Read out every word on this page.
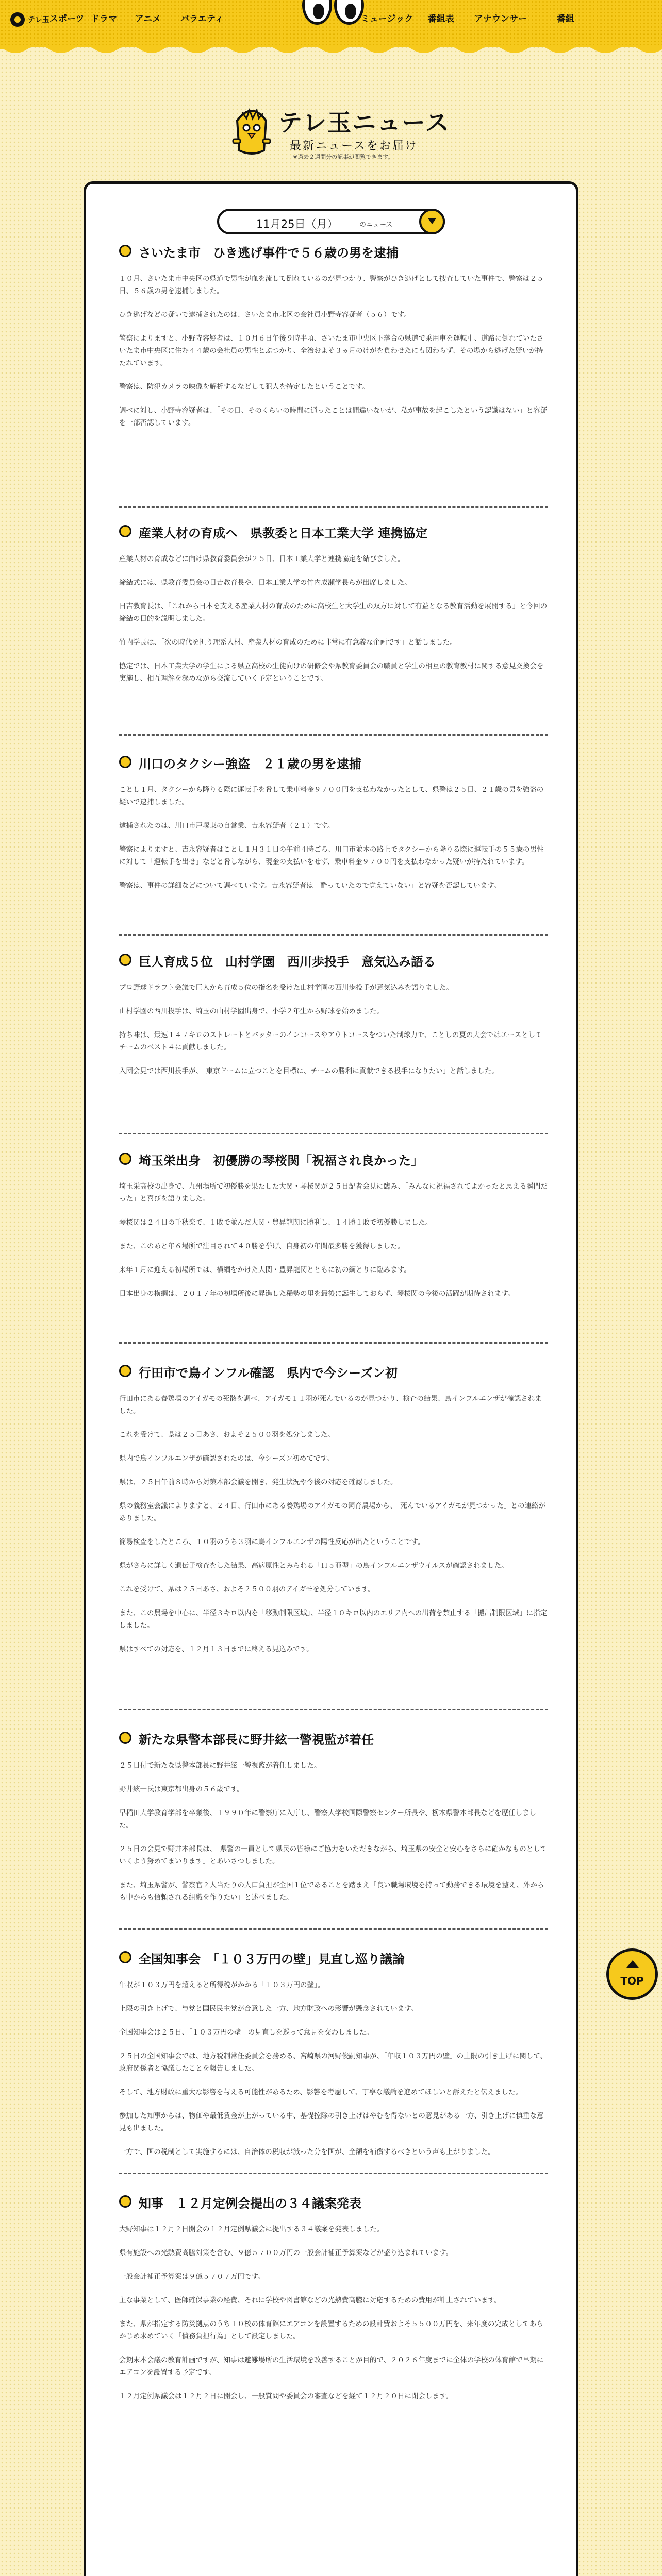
テレ玉 スポーツ ドラマ アニメ バラエティ	ミュージック 番組表 アナウンサー	番組
テレ玉ニュース
最新ニュースをお届け
※過去２週間分の記事が閲覧できます。
11月25日（月）	のニュース
さいたま市　ひき逃げ事件で５６歳の男を逮捕

１０月、さいたま市中央区の県道で男性が血を流して倒れているのが見つかり、警察がひき逃げとして捜査していた事件で、警察は２５日、５６歳の男を逮捕しました。

ひき逃げなどの疑いで逮捕されたのは、さいたま市北区の会社員小野寺容疑者（５６）です。

警察によりますと、小野寺容疑者は、１０月６日午後９時半頃、さいたま市中央区下落合の県道で乗用車を運転中、道路に倒れていたさいたま市中央区に住む４４歳の会社員の男性とぶつかり、全治およそ３ヵ月のけがを負わせたにも関わらず、その場から逃げた疑いが持たれています。

警察は、防犯カメラの映像を解析するなどして犯人を特定したということです。

調べに対し、小野寺容疑者は、「その日、そのくらいの時間に通ったことは間違いないが、私が事故を起こしたという認識はない」と容疑を一部否認しています。

産業人材の育成へ　県教委と日本工業大学 連携協定

産業人材の育成などに向け県教育委員会が２５日、日本工業大学と連携協定を結びました。

締結式には、県教育委員会の日吉教育長や、日本工業大学の竹内成瀬学長らが出席しました。

日吉教育長は、「これから日本を支える産業人材の育成のために高校生と大学生の双方に対して有益となる教育活動を展開する」と今回の締結の目的を説明しました。

竹内学長は、「次の時代を担う理系人材、産業人材の育成のために非常に有意義な企画です」と話しました。

協定では、日本工業大学の学生による県立高校の生徒向けの研修会や県教育委員会の職員と学生の相互の教育教材に関する意見交換会を実施し、相互理解を深めながら交流していく予定ということです。

川口のタクシー強盗　２１歳の男を逮捕

ことし１月、タクシーから降りる際に運転手を脅して乗車料金９７００円を支払わなかったとして、県警は２５日、２１歳の男を強盗の疑いで逮捕しました。

逮捕されたのは、川口市戸塚東の自営業、吉永容疑者（２１）です。

警察によりますと、吉永容疑者はことし１月３１日の午前４時ごろ、川口市並木の路上でタクシーから降りる際に運転手の５５歳の男性に対して「運転手を出せ」などと脅しながら、現金の支払いをせず、乗車料金９７００円を支払わなかった疑いが持たれています。

警察は、事件の詳細などについて調べています。吉永容疑者は「酔っていたので覚えていない」と容疑を否認しています。

巨人育成５位　山村学園　西川歩投手　意気込み語る

プロ野球ドラフト会議で巨人から育成５位の指名を受けた山村学園の西川歩投手が意気込みを語りました。

山村学園の西川投手は、埼玉の山村学園出身で、小学２年生から野球を始めました。

持ち味は、最速１４７キロのストレートとバッターのインコースやアウトコースをついた制球力で、ことしの夏の大会ではエースとしてチームのベスト４に貢献しました。

入団会見では西川投手が、「東京ドームに立つことを目標に、チームの勝利に貢献できる投手になりたい」と話しました。

埼玉栄出身　初優勝の琴桜関「祝福され良かった」

埼玉栄高校の出身で、九州場所で初優勝を果たした大関・琴桜関が２５日記者会見に臨み、「みんなに祝福されてよかったと思える瞬間だった」と喜びを語りました。

琴桜関は２４日の千秋楽で、１敗で並んだ大関・豊昇龍関に勝利し、１４勝１敗で初優勝しました。

また、このあと年６場所で注目されて４０勝を挙げ、自身初の年間最多勝を獲得しました。

来年１月に迎える初場所では、横綱をかけた大関・豊昇龍関とともに初の綱とりに臨みます。

日本出身の横綱は、２０１７年の初場所後に昇進した稀勢の里を最後に誕生しておらず、琴桜関の今後の活躍が期待されます。

行田市で鳥インフル確認　県内で今シーズン初

行田市にある養鶏場のアイガモの死骸を調べ、アイガモ１１羽が死んでいるのが見つかり、検査の結果、鳥インフルエンザが確認されました。

これを受けて、県は２５日あさ、およそ２５００羽を処分しました。

県内で鳥インフルエンザが確認されたのは、今シーズン初めてです。

県は、２５日午前８時から対策本部会議を開き、発生状況や今後の対応を確認しました。

県の義務室会議によりますと、２４日、行田市にある養鶏場のアイガモの飼育農場から、「死んでいるアイガモが見つかった」との連絡がありました。

簡易検査をしたところ、１０羽のうち３羽に鳥インフルエンザの陽性反応が出たということです。

県がさらに詳しく遺伝子検査をした結果、高病原性とみられる「Ｈ５亜型」の鳥インフルエンザウイルスが確認されました。

これを受けて、県は２５日あさ、およそ２５００羽のアイガモを処分しています。

また、この農場を中心に、半径３キロ以内を「移動制限区域」、半径１０キロ以内のエリア内への出荷を禁止する「搬出制限区域」に指定しました。

県はすべての対応を、１２月１３日までに終える見込みです。

新たな県警本部長に野井絃一警視監が着任

２５日付で新たな県警本部長に野井絃一警視監が着任しました。

野井絃一氏は東京都出身の５６歳です。

早稲田大学教育学部を卒業後、１９９０年に警察庁に入庁し、警察大学校国際警察センター所長や、栃木県警本部長などを歴任しました。

２５日の会見で野井本部長は、「県警の一員として県民の皆様にご協力をいただきながら、埼玉県の安全と安心をさらに確かなものとしていくよう努めてまいります」とあいさつしました。

また、埼玉県警が、警察官２人当たりの人口負担が全国１位であることを踏まえ「良い職場環境を持って動務できる環境を整え、外からも中からも信頼される組織を作りたい」と述べました。

全国知事会　「１０３万円の壁」見直し巡り議論

年収が１０３万円を超えると所得税がかかる「１０３万円の壁」。

上限の引き上げで、与党と国民民主党が合意した一方、地方財政への影響が懸念されています。

全国知事会は２５日、「１０３万円の壁」の見直しを巡って意見を交わしました。

２５日の全国知事会では、地方税制常任委員会を務める、宮崎県の河野俊嗣知事が、「年収１０３万円の壁」の上限の引き上げに関して、政府関係者と協議したことを報告しました。

そして、地方財政に重大な影響を与える可能性があるため、影響を考慮して、丁寧な議論を進めてほしいと訴えたと伝えました。

参加した知事からは、物価や最低賃金が上がっている中、基礎控除の引き上げはやむを得ないとの意見がある一方、引き上げに慎重な意見も出ました。

一方で、国の税制として実施するには、自治体の税収が減った分を国が、全額を補償するべきという声も上がりました。

知事　１２月定例会提出の３４議案発表

大野知事は１２月２日開会の１２月定例県議会に提出する３４議案を発表しました。

県有施設への光熱費高騰対策を含む、９億５７００万円の一般会計補正予算案などが盛り込まれています。

一般会計補正予算案は９億５７０７万円です。

主な事業として、医師確保事業の経費、それに学校や図書館などの光熱費高騰に対応するための費用が計上されています。

また、県が指定する防災拠点のうち１０校の体育館にエアコンを設置するための設計費およそ５５００万円を、来年度の完成としてあらかじめ求めていく「債務負担行為」として設定しました。

会期末本会議の教育計画ですが、知事は避難場所の生活環境を改善することが目的で、２０２６年度までに全体の学校の体育館で早期にエアコンを設置する予定です。

１２月定例県議会は１２月２日に開会し、一般質問や委員会の審査などを経て１２月２０日に閉会します。

TOP
